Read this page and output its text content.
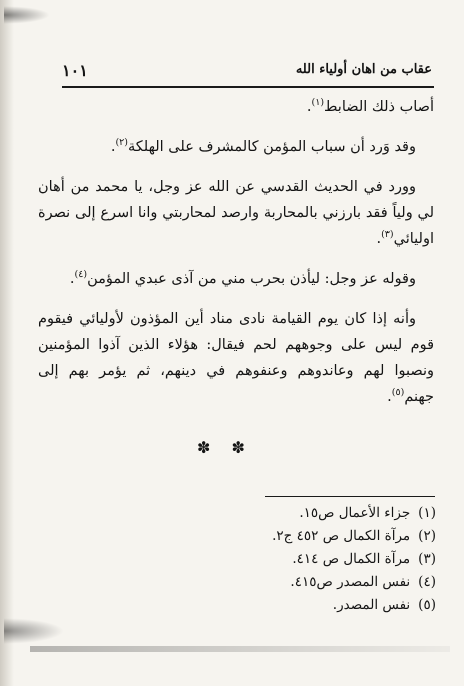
عقاب من اهان أولياء الله
١٠١

أصاب ذلك الضابط$^{(١)}$.

وقد وَرد أن سباب المؤمن كالمشرف على الهلكة$^{(٢)}$.

وورد في الحديث القدسي عن الله عز وجل، يا محمد من أهان لي ولياً فقد بارزني بالمحاربة وارصد لمحاربتي وانا اسرع إلى نصرة اوليائي$^{(٣)}$.

وقوله عز وجل: ليأذن بحرب مني من آذى عبدي المؤمن$^{(٤)}$.

وأنه إذا كان يوم القيامة نادى مناد أين المؤذون لأوليائي فيقوم قوم ليس على وجوههم لحم فيقال: هؤلاء الذين آذوا المؤمنين ونصبوا لهم وعاندوهم وعنفوهم في دينهم، ثم يؤمر بهم إلى جهنم$^{(٥)}$.

✽ ✽
(١)جزاء الأعمال ص١٥.
(٢)مرآة الكمال ص ٤٥٢ ج٢.
(٣)مرآة الكمال ص ٤١٤.
(٤)نفس المصدر ص٤١٥.
(٥)نفس المصدر.
